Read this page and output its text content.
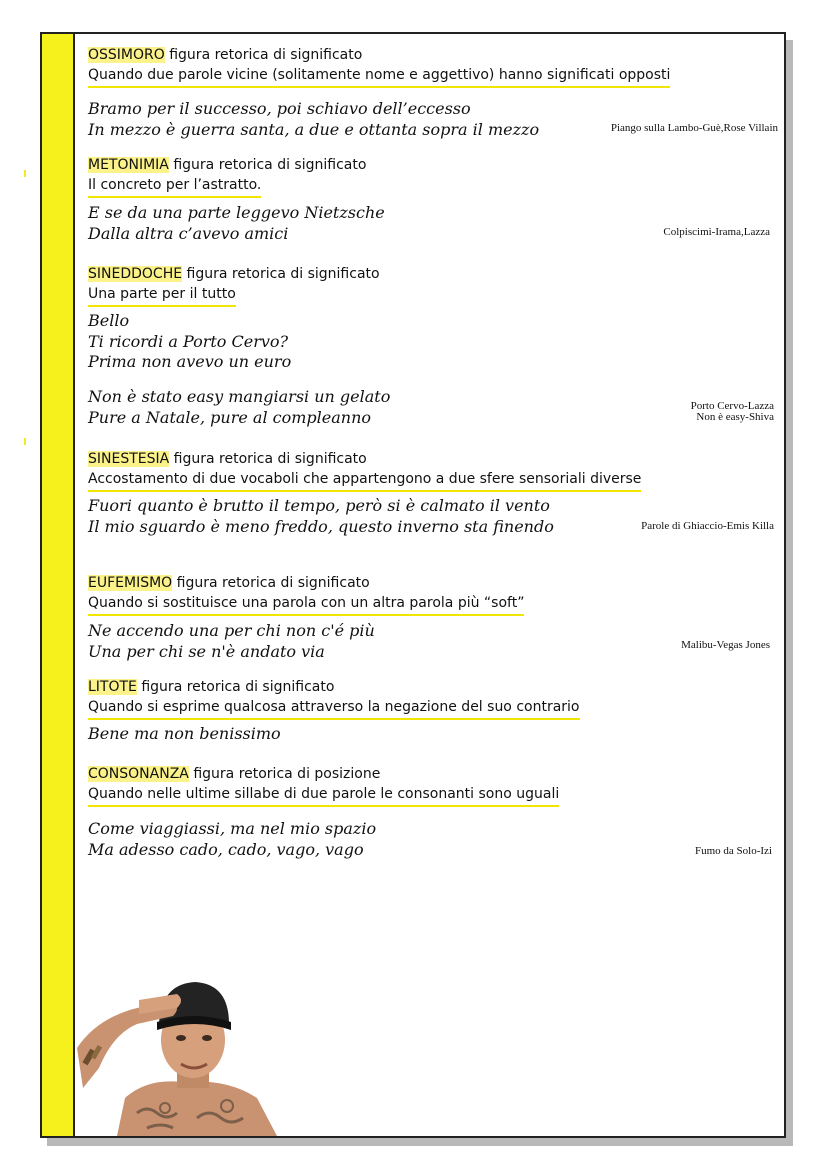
OSSIMORO figura retorica di significato
Quando due parole vicine (solitamente nome e aggettivo) hanno significati opposti
Bramo per il successo, poi schiavo dell’eccesso
In mezzo è guerra santa, a due e ottanta sopra il mezzo	Piango sulla Lambo-Guè,Rose Villain
METONIMIA figura retorica di significato
Il concreto per l’astratto.
E se da una parte leggevo Nietzsche
Dalla altra c’avevo amici	Colpiscimi-Irama,Lazza
SINEDDOCHE figura retorica di significato
Una parte per il tutto
Bello
Ti ricordi a Porto Cervo?
Prima non avevo un euro
Non è stato easy mangiarsi un gelato
Pure a Natale, pure al compleanno
Porto Cervo-Lazza
Non è easy-Shiva
SINESTESIA figura retorica di significato
Accostamento di due vocaboli che appartengono a due sfere sensoriali diverse
Fuori quanto è brutto il tempo, però si è calmato il vento
Il mio sguardo è meno freddo, questo inverno sta finendo	Parole di Ghiaccio-Emis Killa
EUFEMISMO figura retorica di significato
Quando si sostituisce una parola con un altra parola più “soft”
Ne accendo una per chi non c'é più
Una per chi se n'è andato via	Malibu-Vegas Jones
LITOTE figura retorica di significato
Quando si esprime qualcosa attraverso la negazione del suo contrario
Bene ma non benissimo
CONSONANZA figura retorica di posizione
Quando nelle ultime sillabe di due parole le consonanti sono uguali
Come viaggiassi, ma nel mio spazio
Ma adesso cado, cado, vago, vago	Fumo da Solo-Izi
